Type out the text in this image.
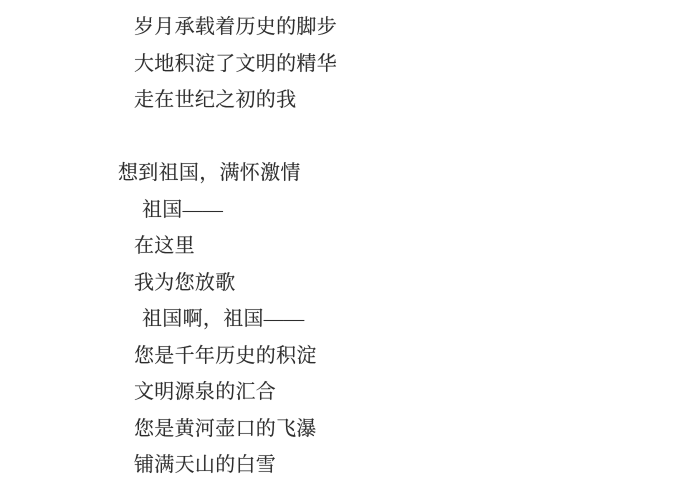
岁月承载着历史的脚步
大地积淀了文明的精华
走在世纪之初的我
想到祖国，满怀激情
祖国——
在这里
我为您放歌
祖国啊，祖国——
您是千年历史的积淀
文明源泉的汇合
您是黄河壶口的飞瀑
铺满天山的白雪
